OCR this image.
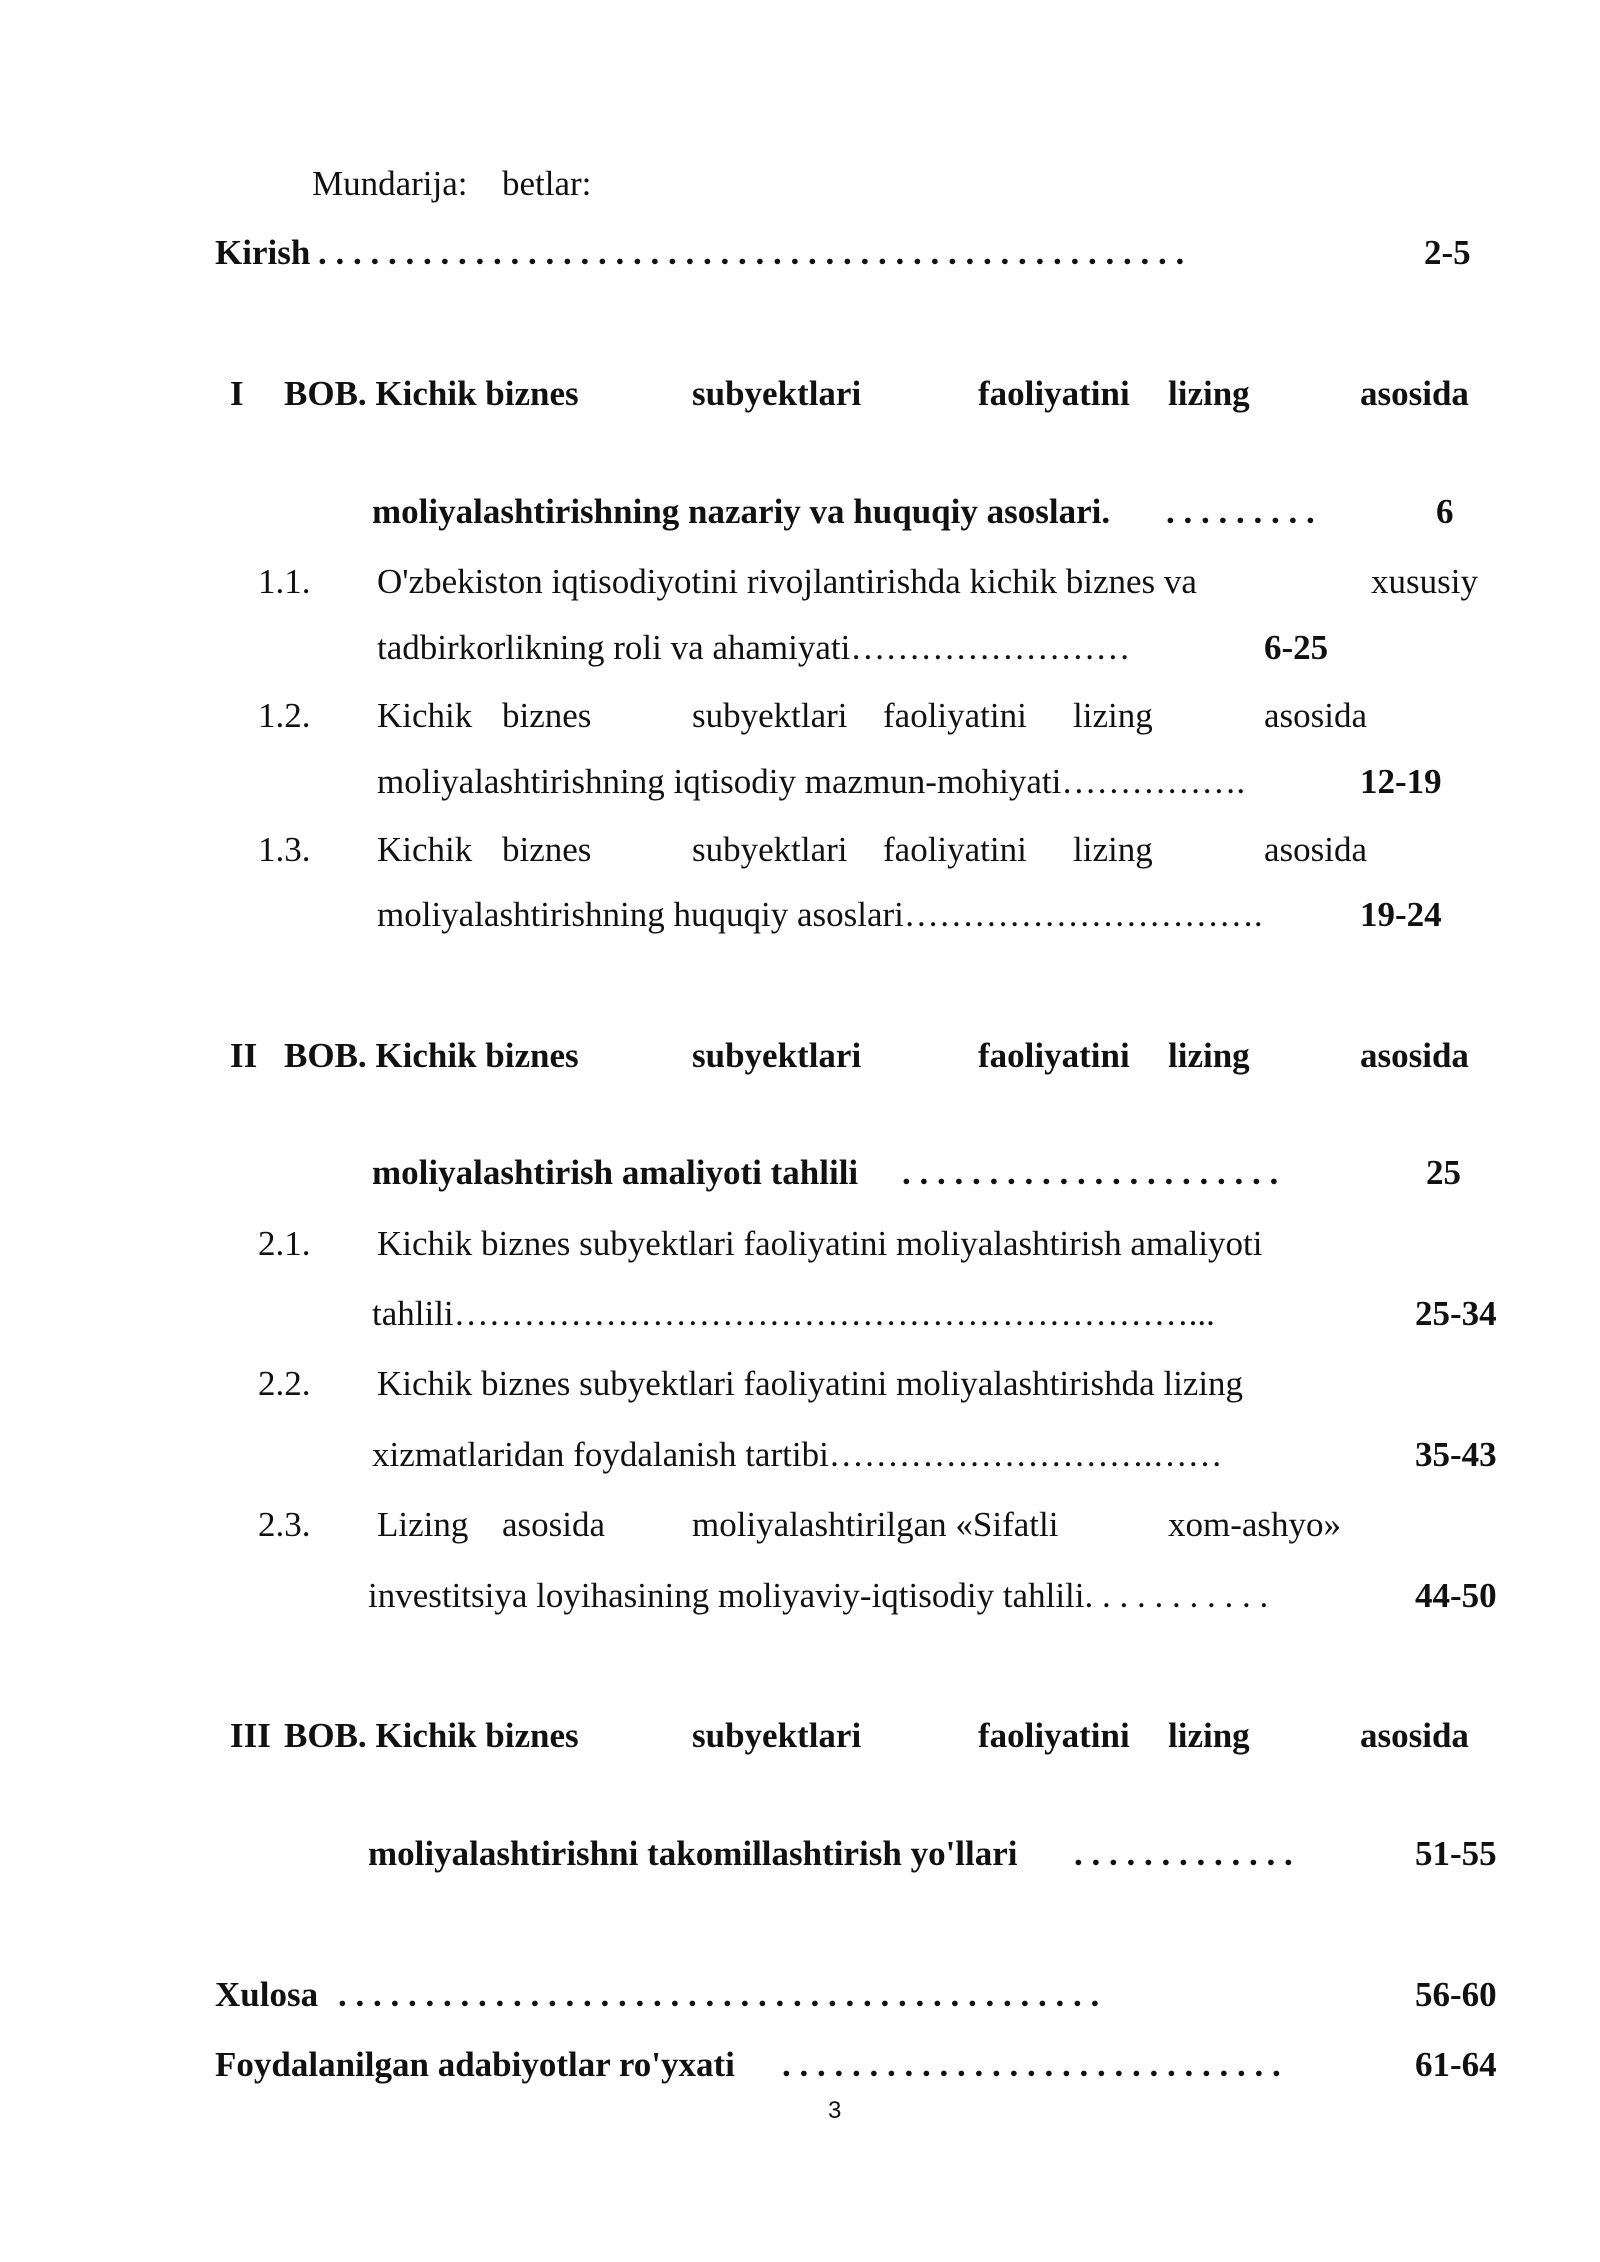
Mundarija: betlar:
Kirish . . . . . . . . . . . . . . . . . . . . . . . . . . . . . . . . . . . . . . . . . . . . . . . . . .	2-5
I BOB. Kichik biznes	subyektlari	faoliyatini lizing	asosida
moliyalashtirishning nazariy va huquqiy asoslari. . . . . . . . . .	6
1.1. O'zbekiston iqtisodiyotini rivojlantirishda kichik biznes va	xususiy
tadbirkorlikning roli va ahamiyati……………………	6-25
1.2. Kichik biznes	subyektlari faoliyatini lizing	asosida
moliyalashtirishning iqtisodiy mazmun-mohiyati…………….	12-19
1.3. Kichik biznes	subyektlari faoliyatini lizing	asosida
moliyalashtirishning huquqiy asoslari………………………….	19-24
II BOB. Kichik biznes	subyektlari	faoliyatini lizing	asosida
moliyalashtirish amaliyoti tahlili . . . . . . . . . . . . . . . . . . . . . .	25
2.1. Kichik biznes subyektlari faoliyatini moliyalashtirish amaliyoti
tahlili………………………………………………………...	25-34
2.2. Kichik biznes subyektlari faoliyatini moliyalashtirishda lizing
xizmatlaridan foydalanish tartibi……………………….……	35-43
2.3. Lizing asosida moliyalashtirilgan «Sifatli	xom-ashyo»
investitsiya loyihasining moliyaviy-iqtisodiy tahlili. . . . . . . . . . .	44-50
III BOB. Kichik biznes	subyektlari	faoliyatini lizing	asosida
moliyalashtirishni takomillashtirish yo'llari . . . . . . . . . . . . .	51-55
Xulosa . . . . . . . . . . . . . . . . . . . . . . . . . . . . . . . . . . . . . . . . . . . .	56-60
Foydalanilgan adabiyotlar ro'yxati . . . . . . . . . . . . . . . . . . . . . . . . . . . . .	61-64
3
